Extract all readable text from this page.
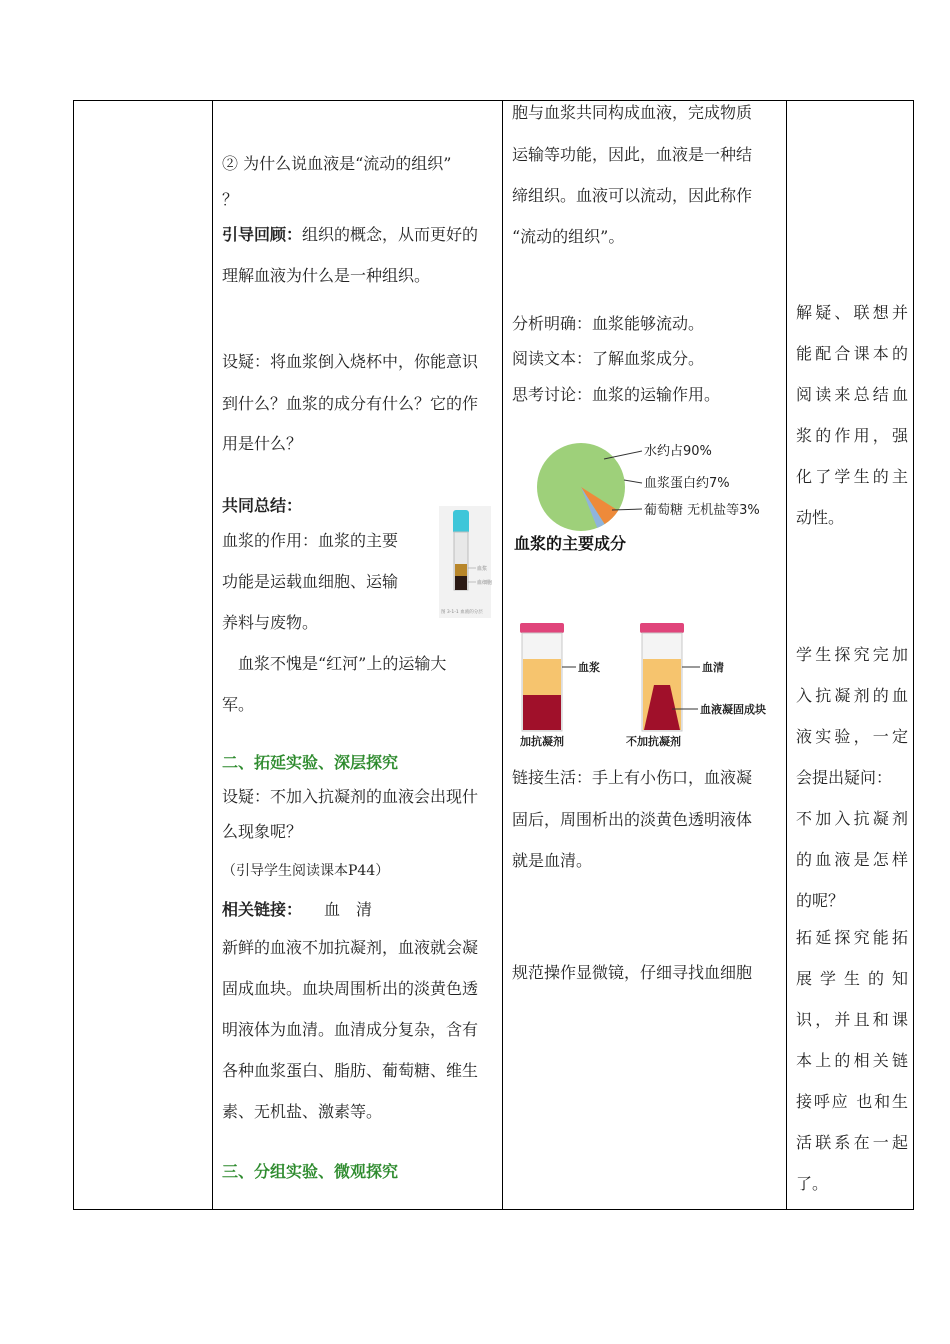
② 为什么说血液是“流动的组织”

？

引导回顾：组织的概念，从而更好的

理解血液为什么是一种组织。

设疑：将血浆倒入烧杯中，你能意识

到什么？血浆的成分有什么？它的作

用是什么？

共同总结：

血浆的作用：血浆的主要

功能是运载血细胞、运输

养料与废物。

血浆
血细胞
图 3-1-1 血液的分层

血浆不愧是“红河”上的运输大

军。

二、拓延实验、深层探究

设疑：不加入抗凝剂的血液会出现什

么现象呢？

（引导学生阅读课本P44）

相关链接： 血　清

新鲜的血液不加抗凝剂，血液就会凝

固成血块。血块周围析出的淡黄色透

明液体为血清。血清成分复杂，含有

各种血浆蛋白、脂肪、葡萄糖、维生

素、无机盐、激素等。

三、分组实验、微观探究

胞与血浆共同构成血液，完成物质

运输等功能，因此，血液是一种结

缔组织。血液可以流动，因此称作

“流动的组织”。

分析明确：血浆能够流动。

阅读文本：了解血浆成分。

思考讨论：血浆的运输作用。

水约占90%
血浆蛋白约7%
葡萄糖 无机盐等3%
血浆的主要成分
血浆
加抗凝剂
血清
血液凝固成块
不加抗凝剂

链接生活：手上有小伤口，血液凝

固后，周围析出的淡黄色透明液体

就是血清。

规范操作显微镜，仔细寻找血细胞

解疑、联想并

能配合课本的

阅读来总结血

浆的作用，强

化了学生的主

动性。

学生探究完加

入抗凝剂的血

液实验，一定

会提出疑问：

不加入抗凝剂

的血液是怎样

的呢？

拓延探究能拓

展学生的知

识，并且和课

本上的相关链

接呼应 也和生

活联系在一起

了。
